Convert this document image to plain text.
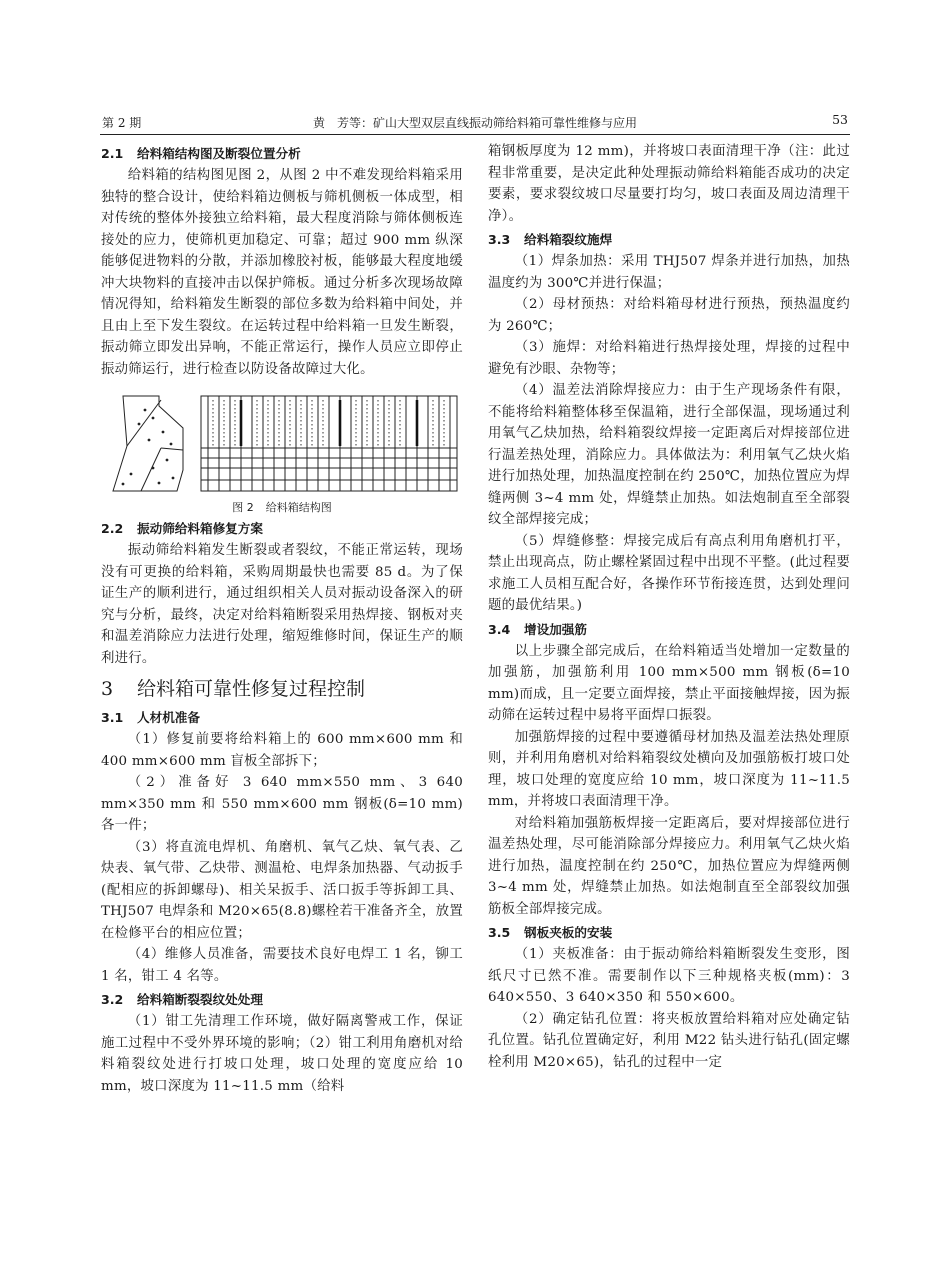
第 2 期	黄　芳等：矿山大型双层直线振动筛给料箱可靠性维修与应用	53
2.1 给料箱结构图及断裂位置分析

给料箱的结构图见图 2，从图 2 中不难发现给料箱采用独特的整合设计，使给料箱边侧板与筛机侧板一体成型，相对传统的整体外接独立给料箱，最大程度消除与筛体侧板连接处的应力，使筛机更加稳定、可靠；超过 900 mm 纵深能够促进物料的分散，并添加橡胶衬板，能够最大程度地缓冲大块物料的直接冲击以保护筛板。通过分析多次现场故障情况得知，给料箱发生断裂的部位多数为给料箱中间处，并且由上至下发生裂纹。在运转过程中给料箱一旦发生断裂，振动筛立即发出异响，不能正常运行，操作人员应立即停止振动筛运行，进行检查以防设备故障过大化。

图 2 给料箱结构图
2.2 振动筛给料箱修复方案

振动筛给料箱发生断裂或者裂纹，不能正常运转，现场没有可更换的给料箱，采购周期最快也需要 85 d。为了保证生产的顺利进行，通过组织相关人员对振动设备深入的研究与分析，最终，决定对给料箱断裂采用热焊接、钢板对夹和温差消除应力法进行处理，缩短维修时间，保证生产的顺利进行。

3 给料箱可靠性修复过程控制
3.1 人材机准备

（1）修复前要将给料箱上的 600 mm×600 mm 和 400 mm×600 mm 盲板全部拆下；

（2）准备好 3 640 mm×550 mm、3 640 mm×350 mm 和 550 mm×600 mm 钢板(δ=10 mm)各一件；

（3）将直流电焊机、角磨机、氧气乙炔、氧气表、乙炔表、氧气带、乙炔带、测温枪、电焊条加热器、气动扳手(配相应的拆卸螺母)、相关呆扳手、活口扳手等拆卸工具、THJ507 电焊条和 M20×65(8.8)螺栓若干准备齐全，放置在检修平台的相应位置；

（4）维修人员准备，需要技术良好电焊工 1 名，铆工 1 名，钳工 4 名等。

3.2 给料箱断裂裂纹处处理

（1）钳工先清理工作环境，做好隔离警戒工作，保证施工过程中不受外界环境的影响；（2）钳工利用角磨机对给料箱裂纹处进行打坡口处理，坡口处理的宽度应给 10 mm，坡口深度为 11~11.5 mm（给料

箱钢板厚度为 12 mm)，并将坡口表面清理干净（注：此过程非常重要，是决定此种处理振动筛给料箱能否成功的决定要素，要求裂纹坡口尽量要打均匀，坡口表面及周边清理干净）。

3.3 给料箱裂纹施焊

（1）焊条加热：采用 THJ507 焊条并进行加热，加热温度约为 300℃并进行保温；

（2）母材预热：对给料箱母材进行预热，预热温度约为 260℃；

（3）施焊：对给料箱进行热焊接处理，焊接的过程中避免有沙眼、杂物等；

（4）温差法消除焊接应力：由于生产现场条件有限，不能将给料箱整体移至保温箱，进行全部保温，现场通过利用氧气乙炔加热，给料箱裂纹焊接一定距离后对焊接部位进行温差热处理，消除应力。具体做法为：利用氧气乙炔火焰进行加热处理，加热温度控制在约 250℃，加热位置应为焊缝两侧 3~4 mm 处，焊缝禁止加热。如法炮制直至全部裂纹全部焊接完成；

（5）焊缝修整：焊接完成后有高点利用角磨机打平，禁止出现高点，防止螺栓紧固过程中出现不平整。(此过程要求施工人员相互配合好，各操作环节衔接连贯，达到处理问题的最优结果。)

3.4 增设加强筋

以上步骤全部完成后，在给料箱适当处增加一定数量的加强筋，加强筋利用 100 mm×500 mm 钢板(δ=10 mm)而成，且一定要立面焊接，禁止平面接触焊接，因为振动筛在运转过程中易将平面焊口振裂。

加强筋焊接的过程中要遵循母材加热及温差法热处理原则，并利用角磨机对给料箱裂纹处横向及加强筋板打坡口处理，坡口处理的宽度应给 10 mm，坡口深度为 11~11.5 mm，并将坡口表面清理干净。

对给料箱加强筋板焊接一定距离后，要对焊接部位进行温差热处理，尽可能消除部分焊接应力。利用氧气乙炔火焰进行加热，温度控制在约 250℃，加热位置应为焊缝两侧 3~4 mm 处，焊缝禁止加热。如法炮制直至全部裂纹加强筋板全部焊接完成。

3.5 钢板夹板的安装

（1）夹板准备：由于振动筛给料箱断裂发生变形，图纸尺寸已然不准。需要制作以下三种规格夹板(mm)：3 640×550、3 640×350 和 550×600。

（2）确定钻孔位置：将夹板放置给料箱对应处确定钻孔位置。钻孔位置确定好，利用 M22 钻头进行钻孔(固定螺栓利用 M20×65)，钻孔的过程中一定
